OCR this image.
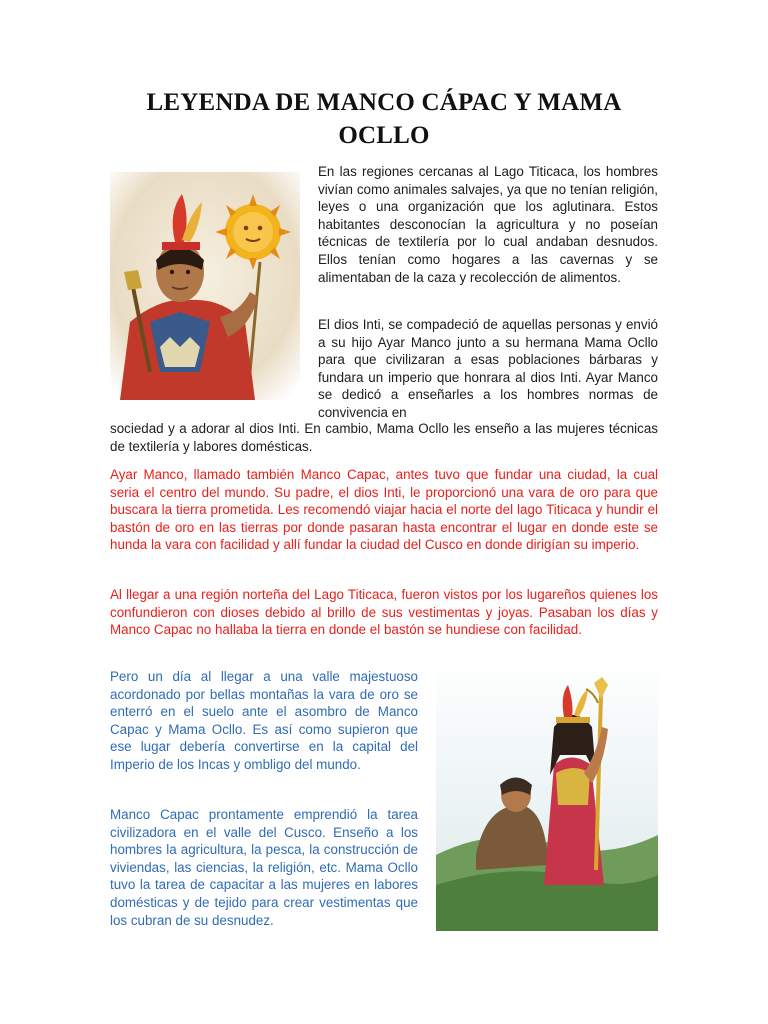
LEYENDA DE MANCO CÁPAC Y MAMA OCLLO

En las regiones cercanas al Lago Titicaca, los hombres vivían como animales salvajes, ya que no tenían religión, leyes o una organización que los aglutinara. Estos habitantes desconocían la agricultura y no poseían técnicas de textilería por lo cual andaban desnudos. Ellos tenían como hogares a las cavernas y se alimentaban de la caza y recolección de alimentos.

El dios Inti, se compadeció de aquellas personas y envió a su hijo Ayar Manco junto a su hermana Mama Ocllo para que civilizaran a esas poblaciones bárbaras y fundara un imperio que honrara al dios Inti. Ayar Manco se dedicó a enseñarles a los hombres normas de convivencia en

sociedad y a adorar al dios Inti. En cambio, Mama Ocllo les enseño a las mujeres técnicas de textilería y labores domésticas.

Ayar Manco, llamado también Manco Capac, antes tuvo que fundar una ciudad, la cual seria el centro del mundo. Su padre, el dios Inti, le proporcionó una vara de oro para que buscara la tierra prometida. Les recomendó viajar hacia el norte del lago Titicaca y hundir el bastón de oro en las tierras por donde pasaran hasta encontrar el lugar en donde este se hunda la vara con facilidad y allí fundar la ciudad del Cusco en donde dirigían su imperio.

Al llegar a una región norteña del Lago Titicaca, fueron vistos por los lugareños quienes los confundieron con dioses debido al brillo de sus vestimentas y joyas. Pasaban los días y Manco Capac no hallaba la tierra en donde el bastón se hundiese con facilidad.

Pero un día al llegar a una valle majestuoso acordonado por bellas montañas la vara de oro se enterró en el suelo ante el asombro de Manco Capac y Mama Ocllo. Es así como supieron que ese lugar debería convertirse en la capital del Imperio de los Incas y ombligo del mundo.

Manco Capac prontamente emprendió la tarea civilizadora en el valle del Cusco. Enseño a los hombres la agricultura, la pesca, la construcción de viviendas, las ciencias, la religión, etc. Mama Ocllo tuvo la tarea de capacitar a las mujeres en labores domésticas y de tejido para crear vestimentas que los cubran de su desnudez.
